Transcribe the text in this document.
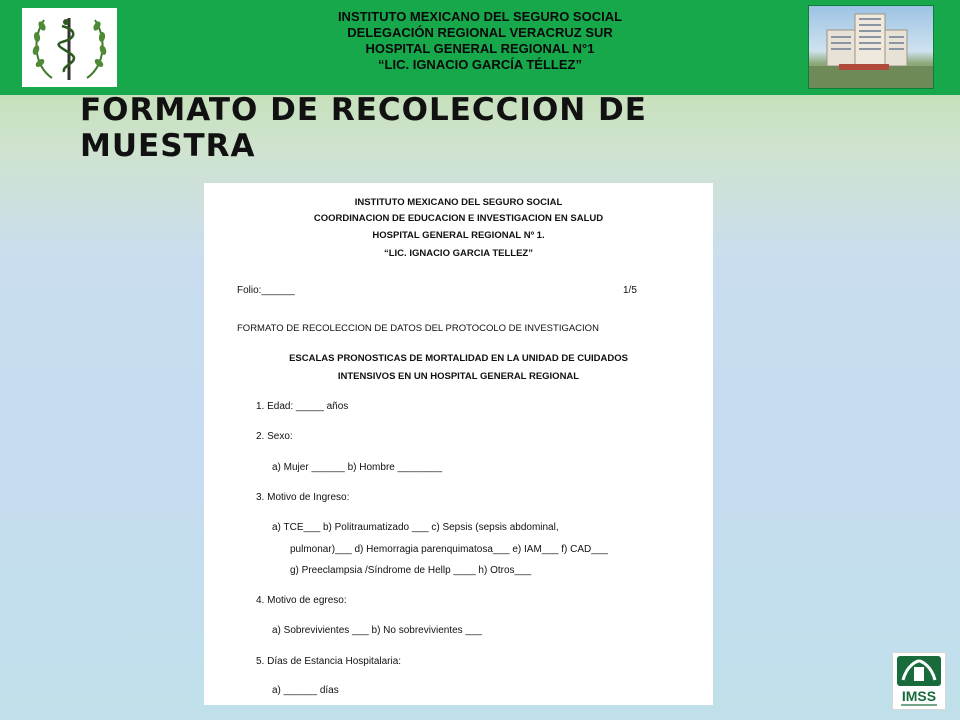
INSTITUTO MEXICANO DEL SEGURO SOCIAL
DELEGACIÓN REGIONAL VERACRUZ SUR
HOSPITAL GENERAL REGIONAL N°1
“LIC. IGNACIO GARCÍA TÉLLEZ”
FORMATO DE RECOLECCION DE
MUESTRA
INSTITUTO MEXICANO DEL SEGURO SOCIAL
COORDINACION DE EDUCACION E INVESTIGACION EN SALUD
HOSPITAL GENERAL REGIONAL Nº 1.
“LIC. IGNACIO GARCIA TELLEZ”
Folio:______	1/5
FORMATO DE RECOLECCION DE DATOS DEL PROTOCOLO DE INVESTIGACION
ESCALAS PRONOSTICAS DE MORTALIDAD EN LA UNIDAD DE CUIDADOS
INTENSIVOS EN UN HOSPITAL GENERAL REGIONAL
1. Edad: _____ años
2. Sexo:
a) Mujer ______ b) Hombre ________
3. Motivo de Ingreso:
a) TCE___ b) Politraumatizado ___ c) Sepsis (sepsis abdominal,
pulmonar)___ d) Hemorragia parenquimatosa___ e) IAM___ f) CAD___
g) Preeclampsia /Síndrome de Hellp ____ h) Otros___
4. Motivo de egreso:
a) Sobrevivientes ___ b) No sobrevivientes ___
5. Días de Estancia Hospitalaria:
a) ______ días	IMSS
